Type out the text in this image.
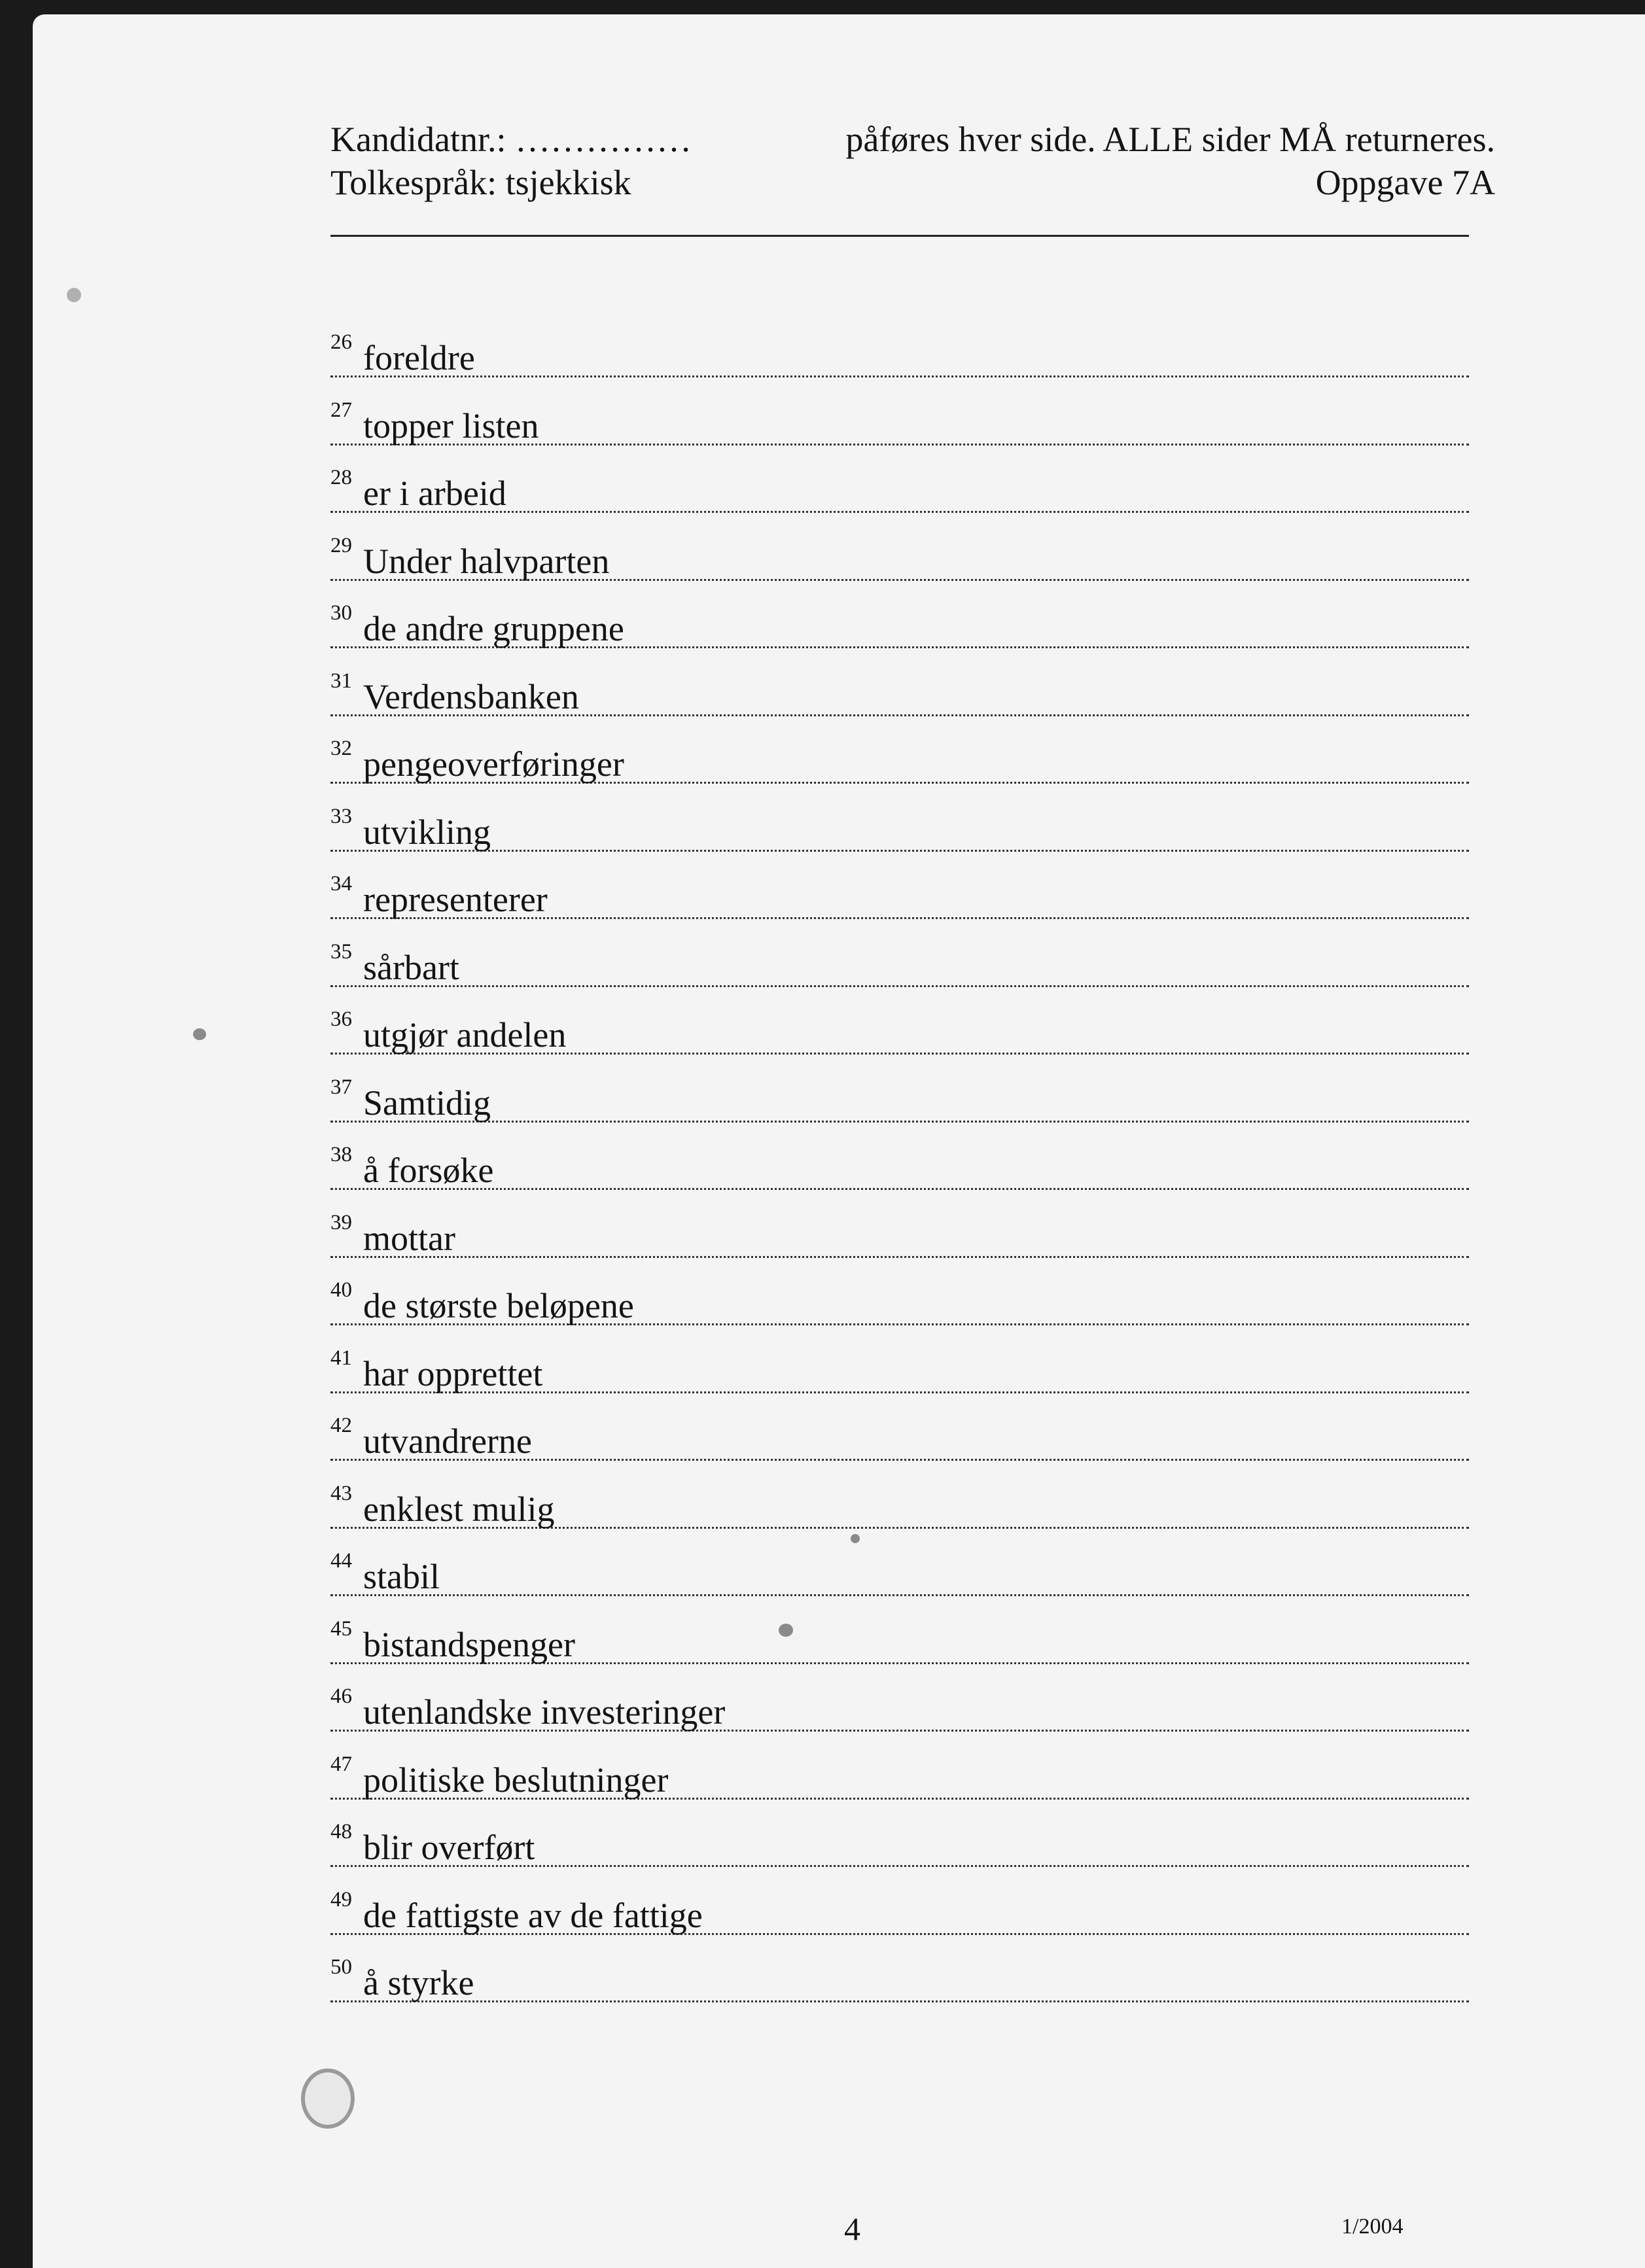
Kandidatnr.: ……………	påføres hver side. ALLE sider MÅ returneres.
Tolkespråk: tsjekkisk	Oppgave 7A
26 foreldre
27 topper listen
28 er i arbeid
29 Under halvparten
30 de andre gruppene
31 Verdensbanken
32 pengeoverføringer
33 utvikling
34 representerer
35 sårbart
36 utgjør andelen
37 Samtidig
38 å forsøke
39 mottar
40 de største beløpene
41 har opprettet
42 utvandrerne
43 enklest mulig
44 stabil
45 bistandspenger
46 utenlandske investeringer
47 politiske beslutninger
48 blir overført
49 de fattigste av de fattige
50 å styrke
4	1/2004
